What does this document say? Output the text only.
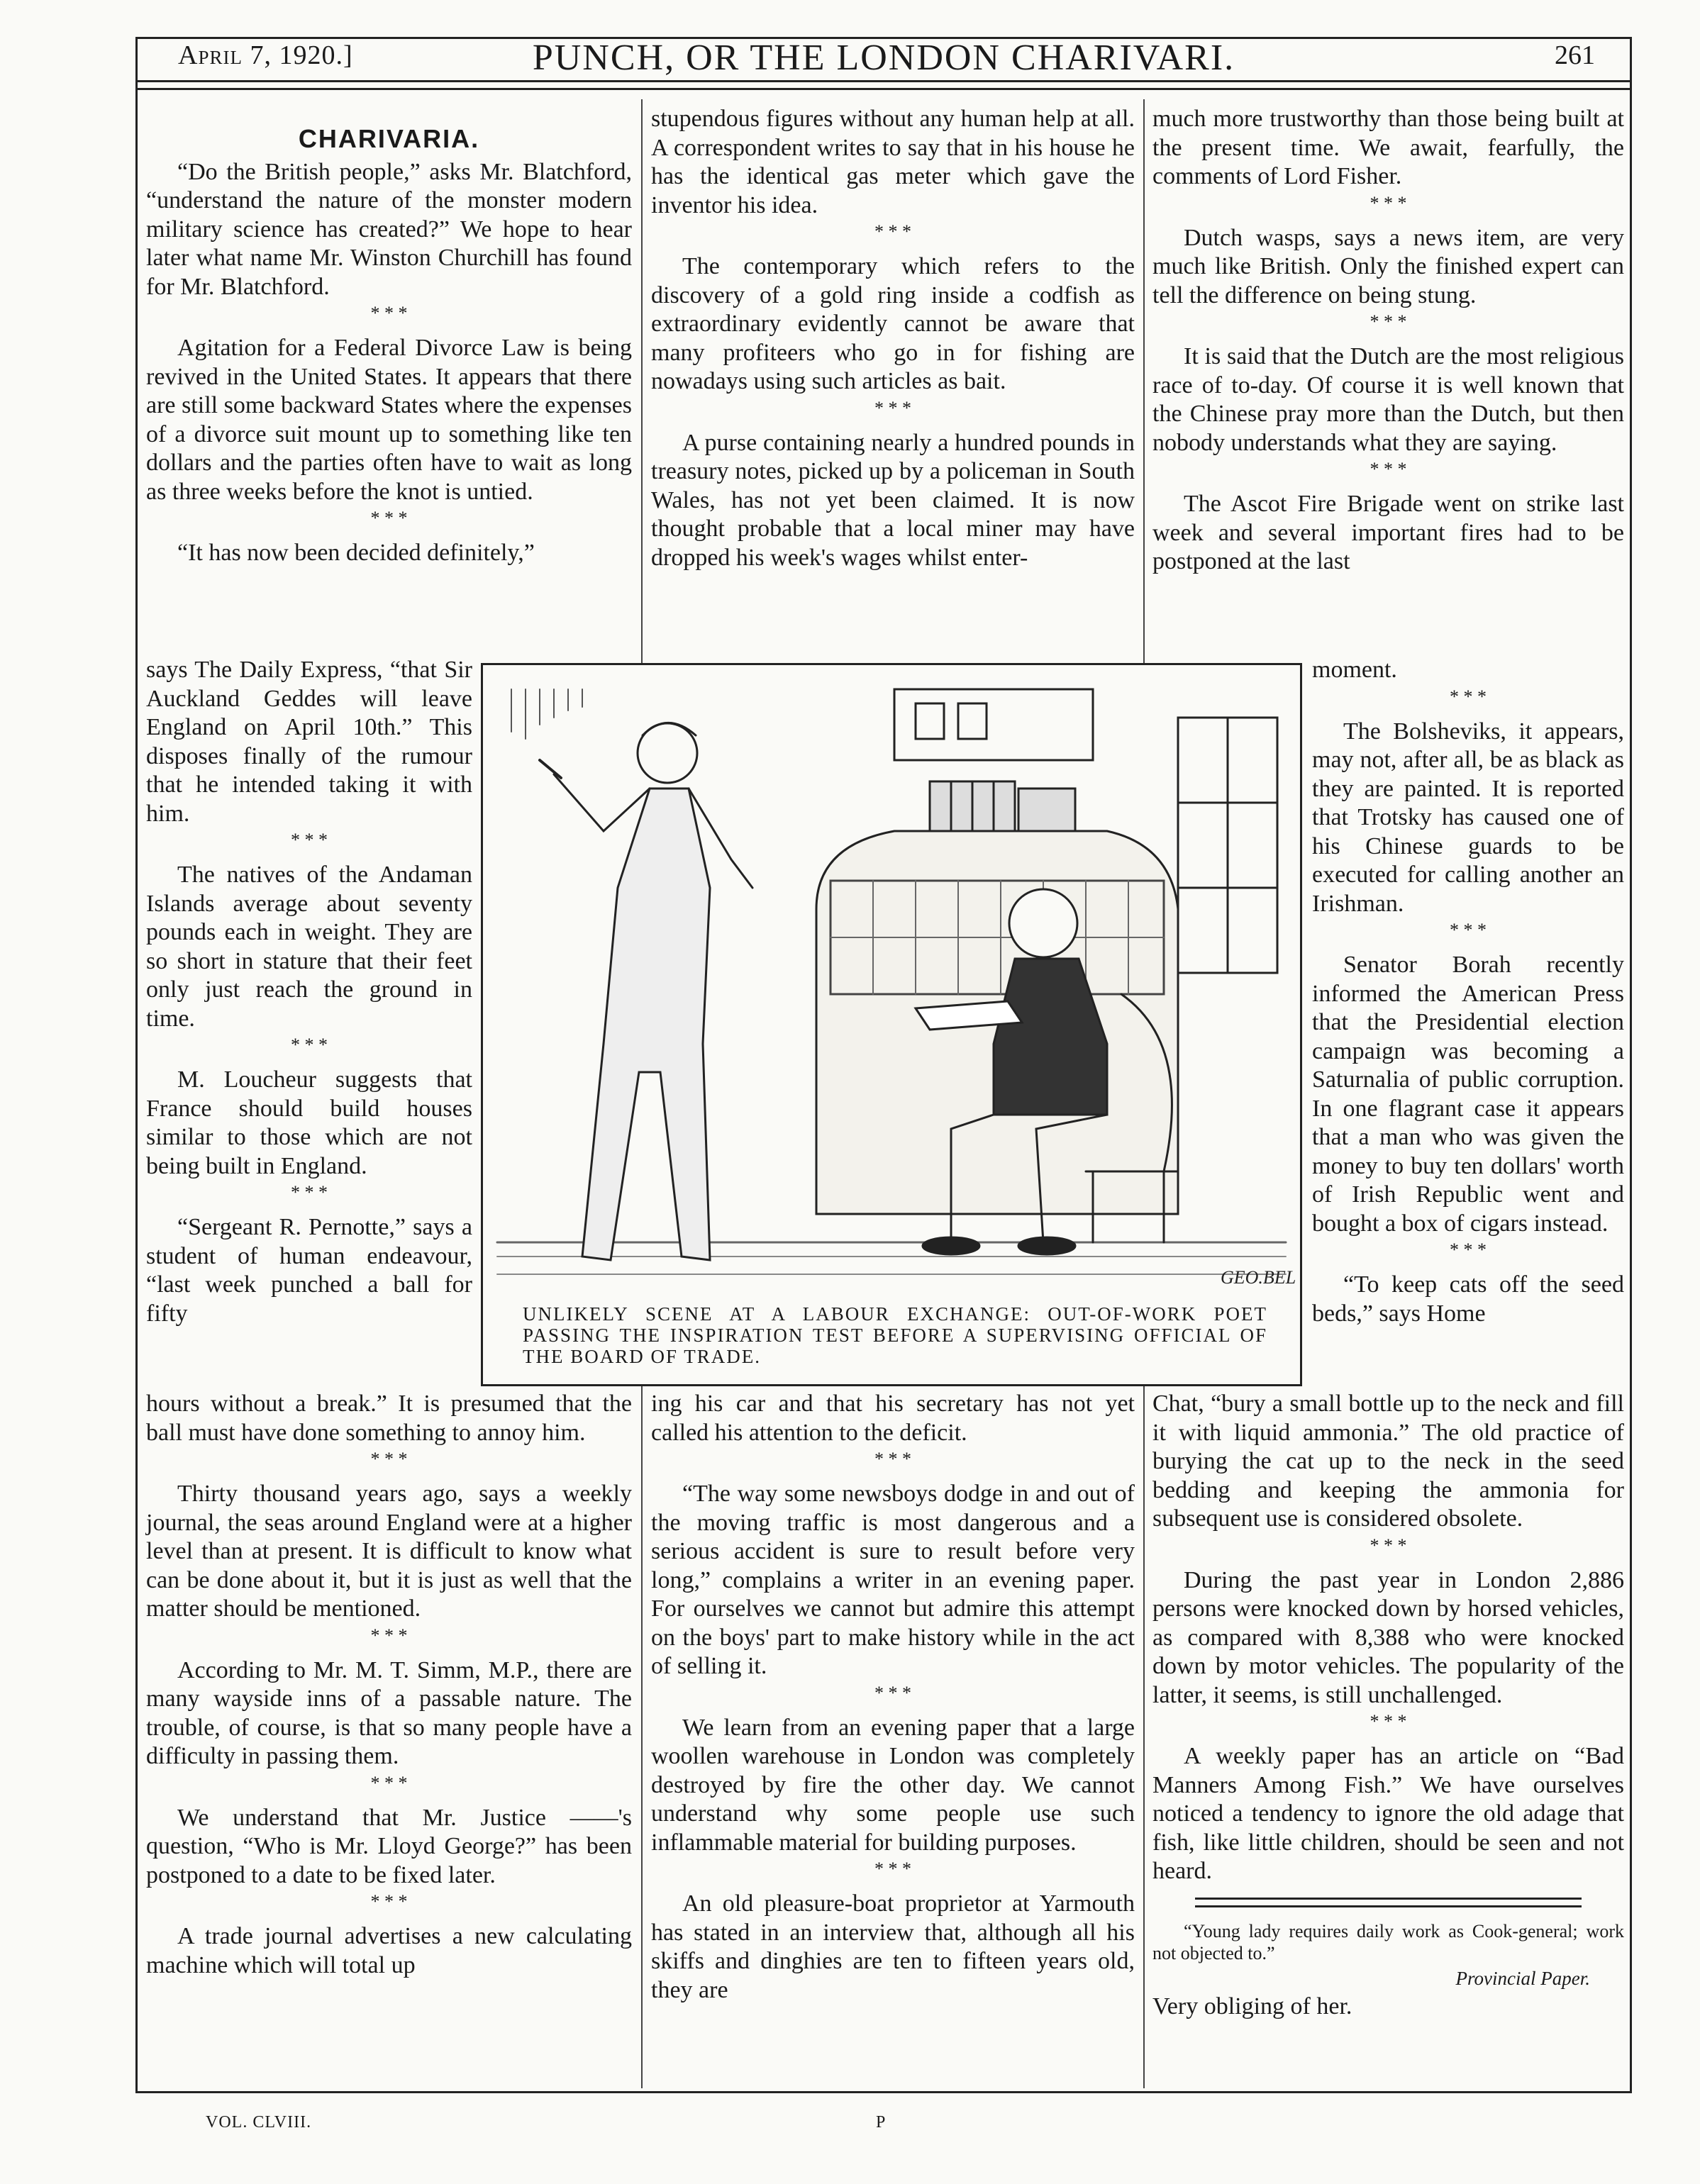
April 7, 1920.]	PUNCH, OR THE LONDON CHARIVARI.	261
CHARIVARIA.

“Do the British people,” asks Mr. Blatchford, “understand the nature of the monster modern military science has created?” We hope to hear later what name Mr. Winston Churchill has found for Mr. Blatchford.

* * *

Agitation for a Federal Divorce Law is being revived in the United States. It appears that there are still some backward States where the expenses of a divorce suit mount up to something like ten dollars and the parties often have to wait as long as three weeks before the knot is untied.

* * *

“It has now been decided definitely,”

says The Daily Express, “that Sir Auckland Geddes will leave England on April 10th.” This disposes finally of the rumour that he intended taking it with him.

* * *

The natives of the Andaman Islands average about seventy pounds each in weight. They are so short in stature that their feet only just reach the ground in time.

* * *

M. Loucheur suggests that France should build houses similar to those which are not being built in England.

* * *

“Sergeant R. Pernotte,” says a student of human endeavour, “last week punched a ball for fifty

hours without a break.” It is presumed that the ball must have done something to annoy him.

* * *

Thirty thousand years ago, says a weekly journal, the seas around England were at a higher level than at present. It is difficult to know what can be done about it, but it is just as well that the matter should be mentioned.

* * *

According to Mr. M. T. Simm, M.P., there are many wayside inns of a passable nature. The trouble, of course, is that so many people have a difficulty in passing them.

* * *

We understand that Mr. Justice ——'s question, “Who is Mr. Lloyd George?” has been postponed to a date to be fixed later.

* * *

A trade journal advertises a new calculating machine which will total up

stupendous figures without any human help at all. A correspondent writes to say that in his house he has the identical gas meter which gave the inventor his idea.

* * *

The contemporary which refers to the discovery of a gold ring inside a codfish as extraordinary evidently cannot be aware that many profiteers who go in for fishing are nowadays using such articles as bait.

* * *

A purse containing nearly a hundred pounds in treasury notes, picked up by a policeman in South Wales, has not yet been claimed. It is now thought probable that a local miner may have dropped his week's wages whilst enter-

ing his car and that his secretary has not yet called his attention to the deficit.

* * *

“The way some newsboys dodge in and out of the moving traffic is most dangerous and a serious accident is sure to result before very long,” complains a writer in an evening paper. For ourselves we cannot but admire this attempt on the boys' part to make history while in the act of selling it.

* * *

We learn from an evening paper that a large woollen warehouse in London was completely destroyed by fire the other day. We cannot understand why some people use such inflammable material for building purposes.

* * *

An old pleasure-boat proprietor at Yarmouth has stated in an interview that, although all his skiffs and dinghies are ten to fifteen years old, they are

much more trustworthy than those being built at the present time. We await, fearfully, the comments of Lord Fisher.

* * *

Dutch wasps, says a news item, are very much like British. Only the finished expert can tell the difference on being stung.

* * *

It is said that the Dutch are the most religious race of to-day. Of course it is well known that the Chinese pray more than the Dutch, but then nobody understands what they are saying.

* * *

The Ascot Fire Brigade went on strike last week and several important fires had to be postponed at the last

moment.

* * *

The Bolsheviks, it appears, may not, after all, be as black as they are painted. It is reported that Trotsky has caused one of his Chinese guards to be executed for calling another an Irishman.

* * *

Senator Borah recently informed the American Press that the Presidential election campaign was becoming a Saturnalia of public corruption. In one flagrant case it appears that a man who was given the money to buy ten dollars' worth of Irish Republic went and bought a box of cigars instead.

* * *

“To keep cats off the seed beds,” says Home

Chat, “bury a small bottle up to the neck and fill it with liquid ammonia.” The old practice of burying the cat up to the neck in the seed bedding and keeping the ammonia for subsequent use is considered obsolete.

* * *

During the past year in London 2,886 persons were knocked down by horsed vehicles, as compared with 8,388 who were knocked down by motor vehicles. The popularity of the latter, it seems, is still unchallenged.

* * *

A weekly paper has an article on “Bad Manners Among Fish.” We have ourselves noticed a tendency to ignore the old adage that fish, like little children, should be seen and not heard.

“Young lady requires daily work as Cook-general; work not objected to.”

Provincial Paper.

Very obliging of her.

GEO.BEL
UNLIKELY SCENE AT A LABOUR EXCHANGE: OUT-OF-WORK POET PASSING THE INSPIRATION TEST BEFORE A SUPERVISING OFFICIAL OF THE BOARD OF TRADE.
VOL. CLVIII.	P
